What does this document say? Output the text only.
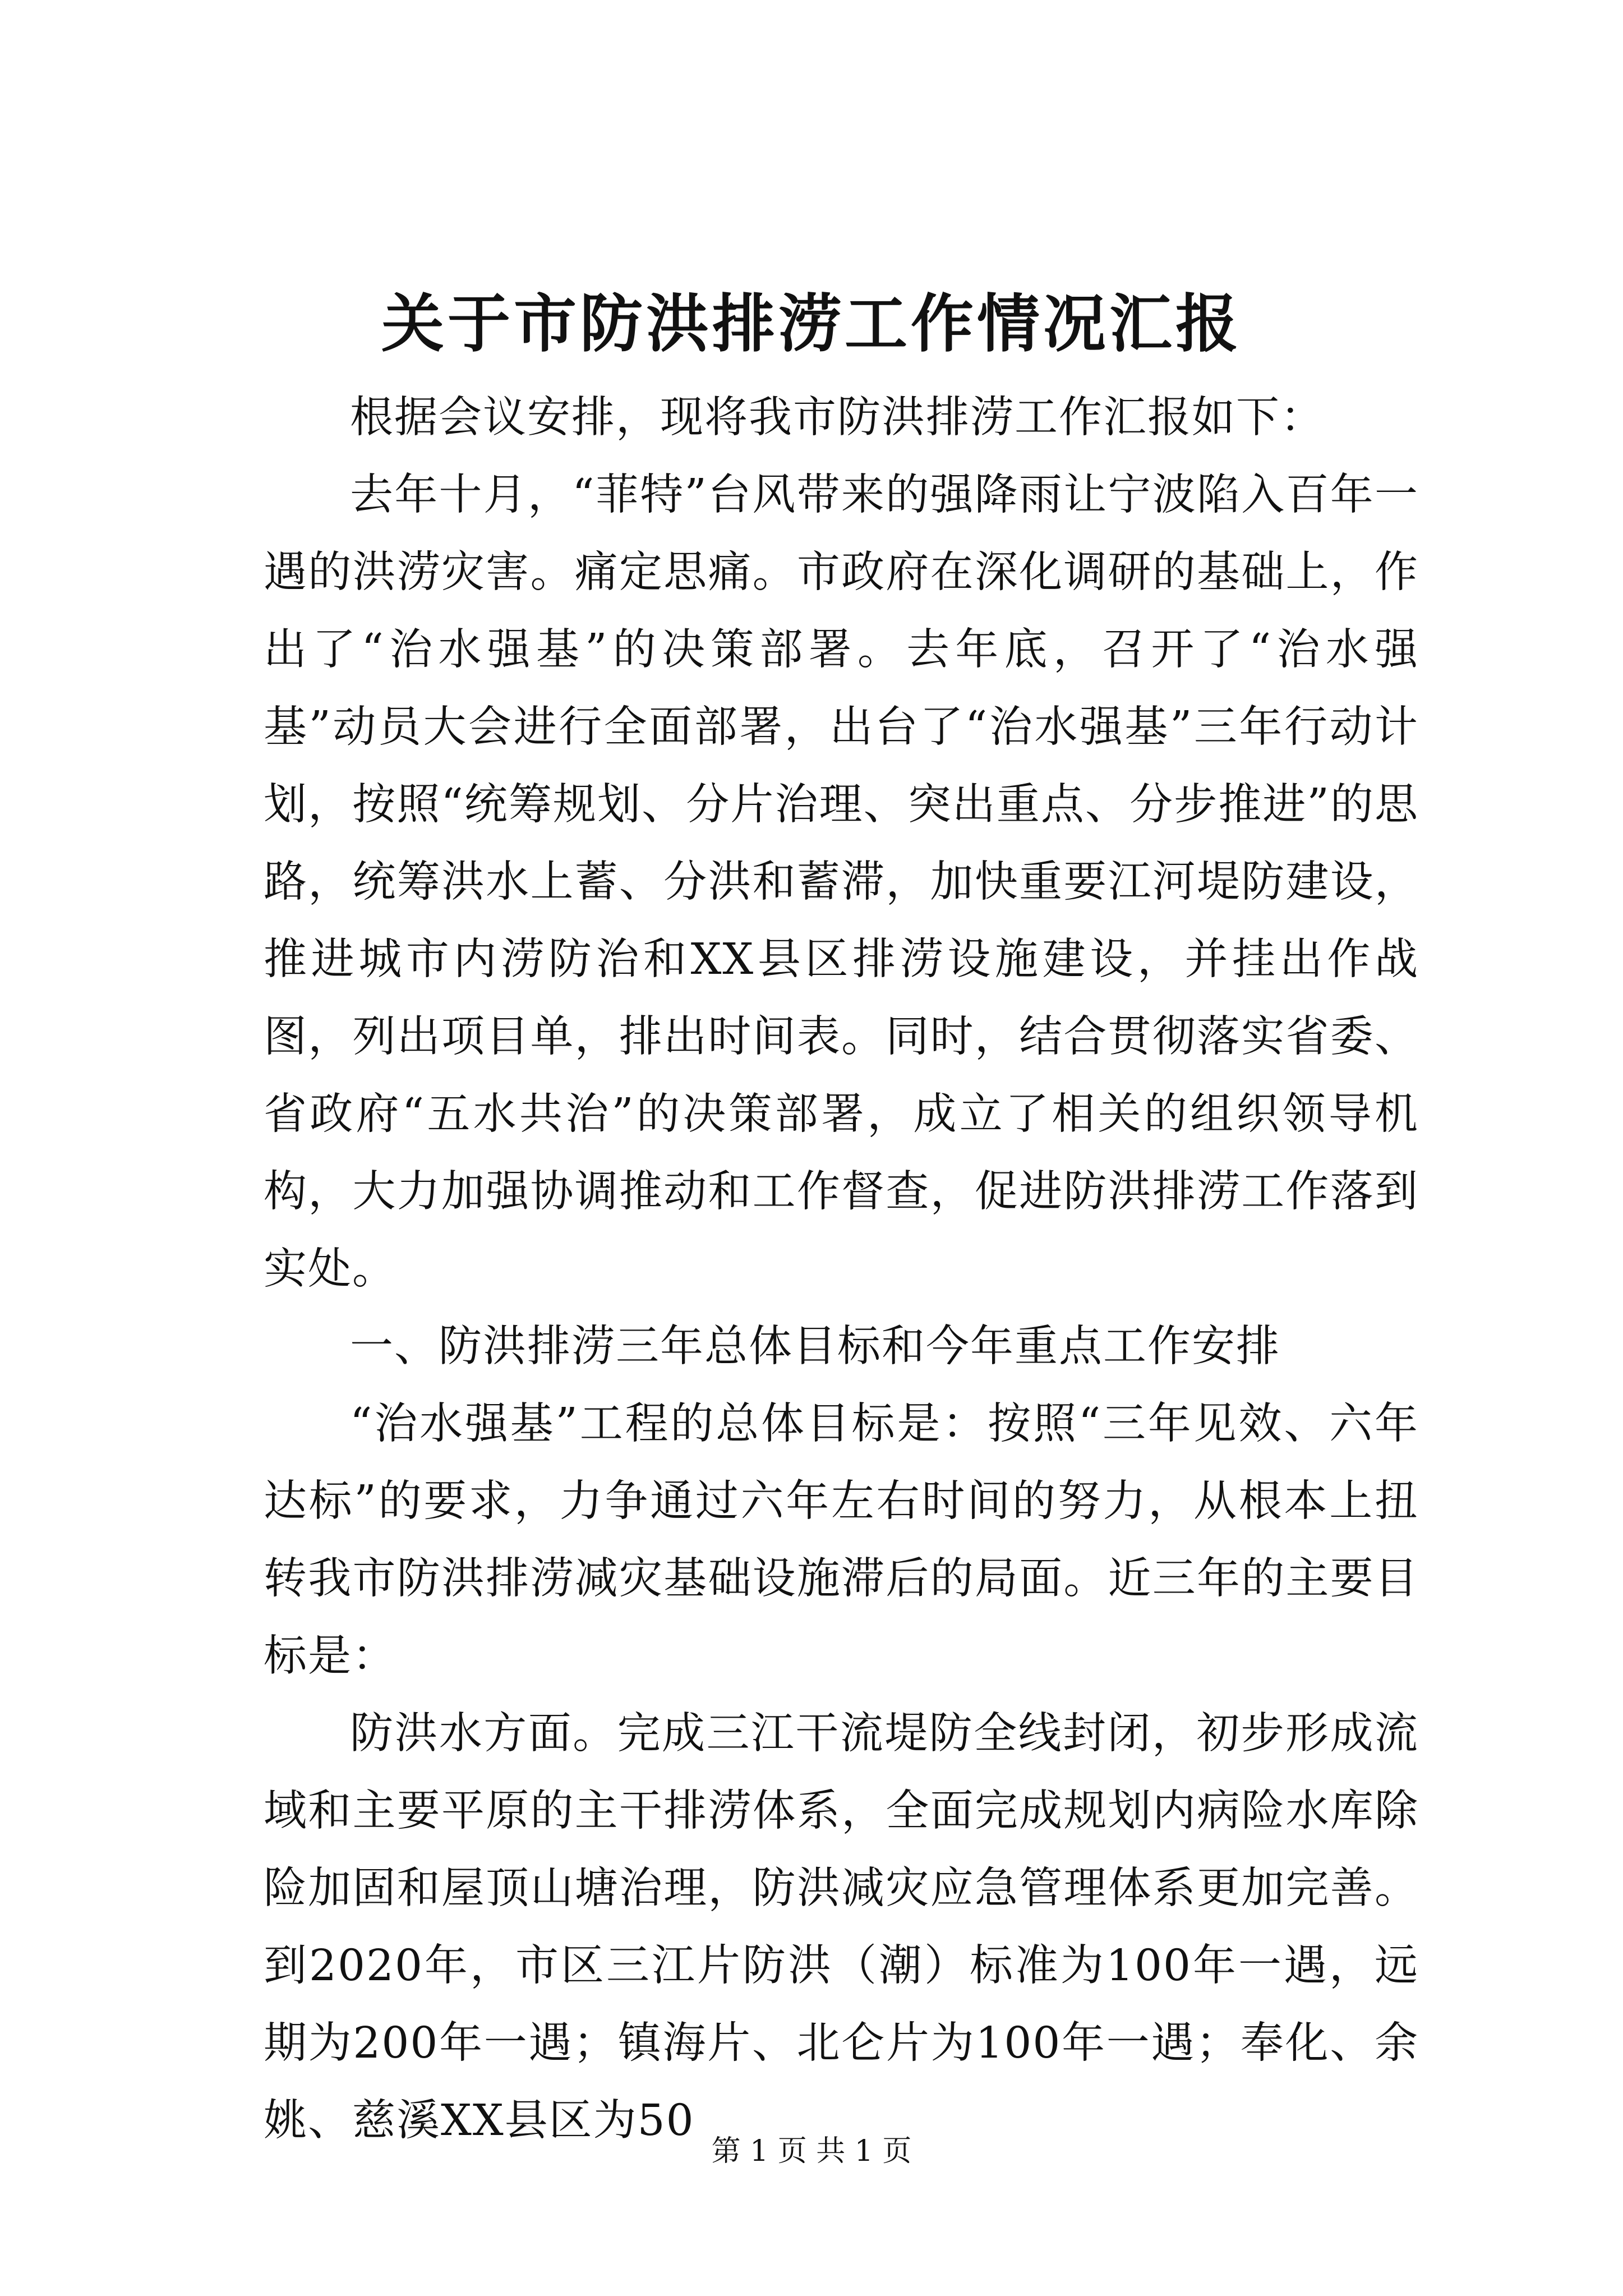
关于市防洪排涝工作情况汇报

根据会议安排，现将我市防洪排涝工作汇报如下：

去年十月，“菲特”台风带来的强降雨让宁波陷入百年一遇的洪涝灾害。痛定思痛。市政府在深化调研的基础上，作出了“治水强基”的决策部署。去年底，召开了“治水强基”动员大会进行全面部署，出台了“治水强基”三年行动计划，按照“统筹规划、分片治理、突出重点、分步推进”的思路，统筹洪水上蓄、分洪和蓄滞，加快重要江河堤防建设，推进城市内涝防治和XX县区排涝设施建设，并挂出作战图，列出项目单，排出时间表。同时，结合贯彻落实省委、省政府“五水共治”的决策部署，成立了相关的组织领导机构，大力加强协调推动和工作督查，促进防洪排涝工作落到实处。

一、防洪排涝三年总体目标和今年重点工作安排

“治水强基”工程的总体目标是：按照“三年见效、六年达标”的要求，力争通过六年左右时间的努力，从根本上扭转我市防洪排涝减灾基础设施滞后的局面。近三年的主要目标是：

防洪水方面。完成三江干流堤防全线封闭，初步形成流域和主要平原的主干排涝体系，全面完成规划内病险水库除险加固和屋顶山塘治理，防洪减灾应急管理体系更加完善。到2020年，市区三江片防洪（潮）标准为100年一遇，远期为200年一遇；镇海片、北仑片为100年一遇；奉化、余姚、慈溪XX县区为50

第 1 页 共 1 页
